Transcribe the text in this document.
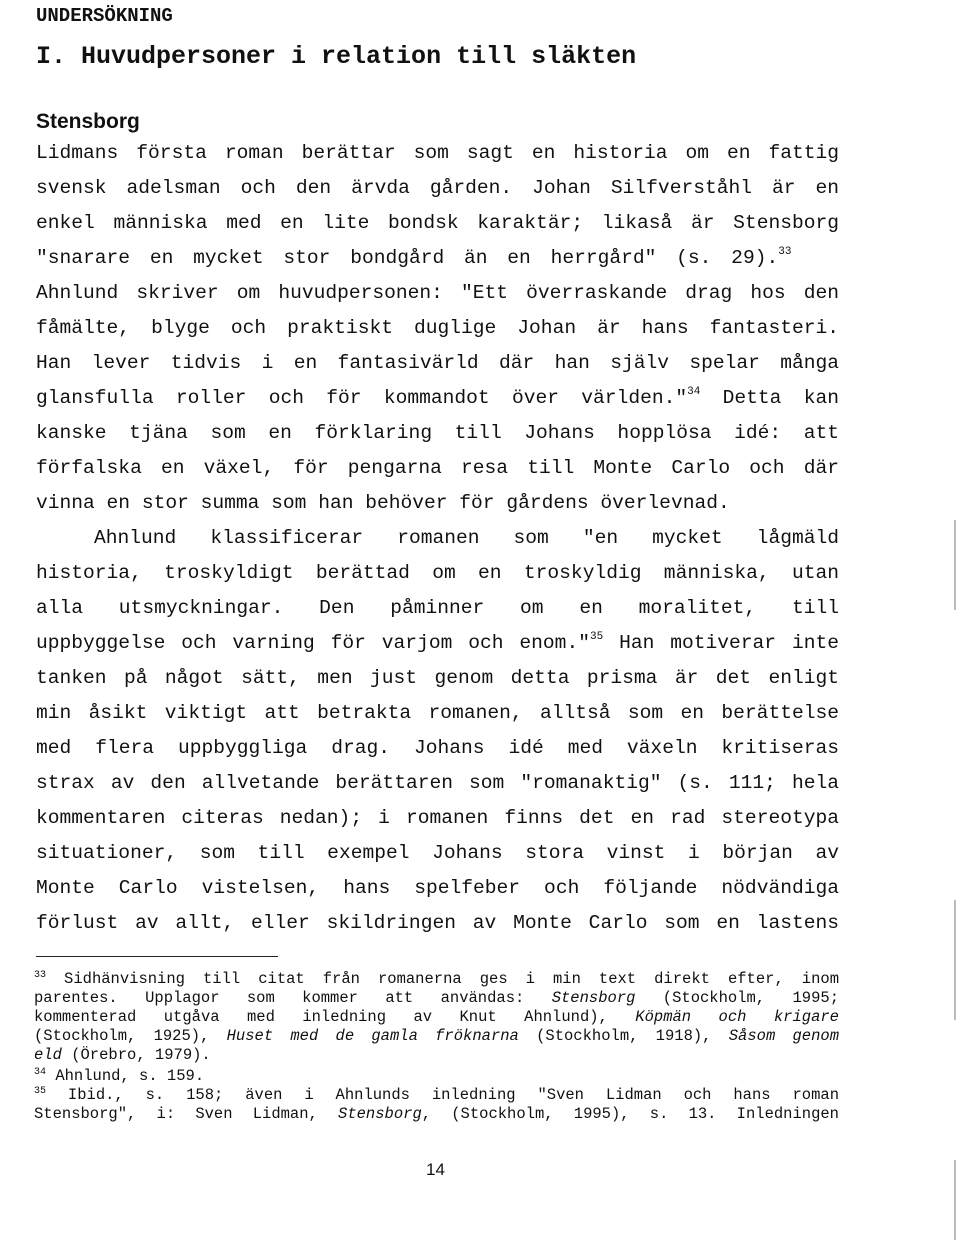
UNDERSÖKNING
I. Huvudpersoner i relation till släkten
Stensborg
Lidmans första roman berättar som sagt en historia om en fattig
svensk adelsman och den ärvda gården. Johan Silfverståhl är en
enkel människa med en lite bondsk karaktär; likaså är Stensborg
"snarare en mycket stor bondgård än en herrgård" (s. 29).$^{33}$
Ahnlund skriver om huvudpersonen: "Ett överraskande drag hos den
fåmälte, blyge och praktiskt duglige Johan är hans fantasteri.
Han lever tidvis i en fantasivärld där han själv spelar många
glansfulla roller och för kommandot över världen."$^{34}$ Detta kan
kanske tjäna som en förklaring till Johans hopplösa idé: att
förfalska en växel, för pengarna resa till Monte Carlo och där
vinna en stor summa som han behöver för gårdens överlevnad.
Ahnlund klassificerar romanen som "en mycket lågmäld
historia, troskyldigt berättad om en troskyldig människa, utan
alla utsmyckningar. Den påminner om en moralitet, till
uppbyggelse och varning för varjom och enom."$^{35}$ Han motiverar inte
tanken på något sätt, men just genom detta prisma är det enligt
min åsikt viktigt att betrakta romanen, alltså som en berättelse
med flera uppbyggliga drag. Johans idé med växeln kritiseras
strax av den allvetande berättaren som "romanaktig" (s. 111; hela
kommentaren citeras nedan); i romanen finns det en rad stereotypa
situationer, som till exempel Johans stora vinst i början av
Monte Carlo vistelsen, hans spelfeber och följande nödvändiga
förlust av allt, eller skildringen av Monte Carlo som en lastens
$^{33}$ Sidhänvisning till citat från romanerna ges i min text direkt efter, inom
parentes. Upplagor som kommer att användas: Stensborg (Stockholm, 1995;
kommenterad utgåva med inledning av Knut Ahnlund), Köpmän och krigare
(Stockholm, 1925), Huset med de gamla fröknarna (Stockholm, 1918), Såsom genom
eld (Örebro, 1979).
$^{34}$ Ahnlund, s. 159.
$^{35}$ Ibid., s. 158; även i Ahnlunds inledning "Sven Lidman och hans roman
Stensborg", i: Sven Lidman, Stensborg, (Stockholm, 1995), s. 13. Inledningen
14
